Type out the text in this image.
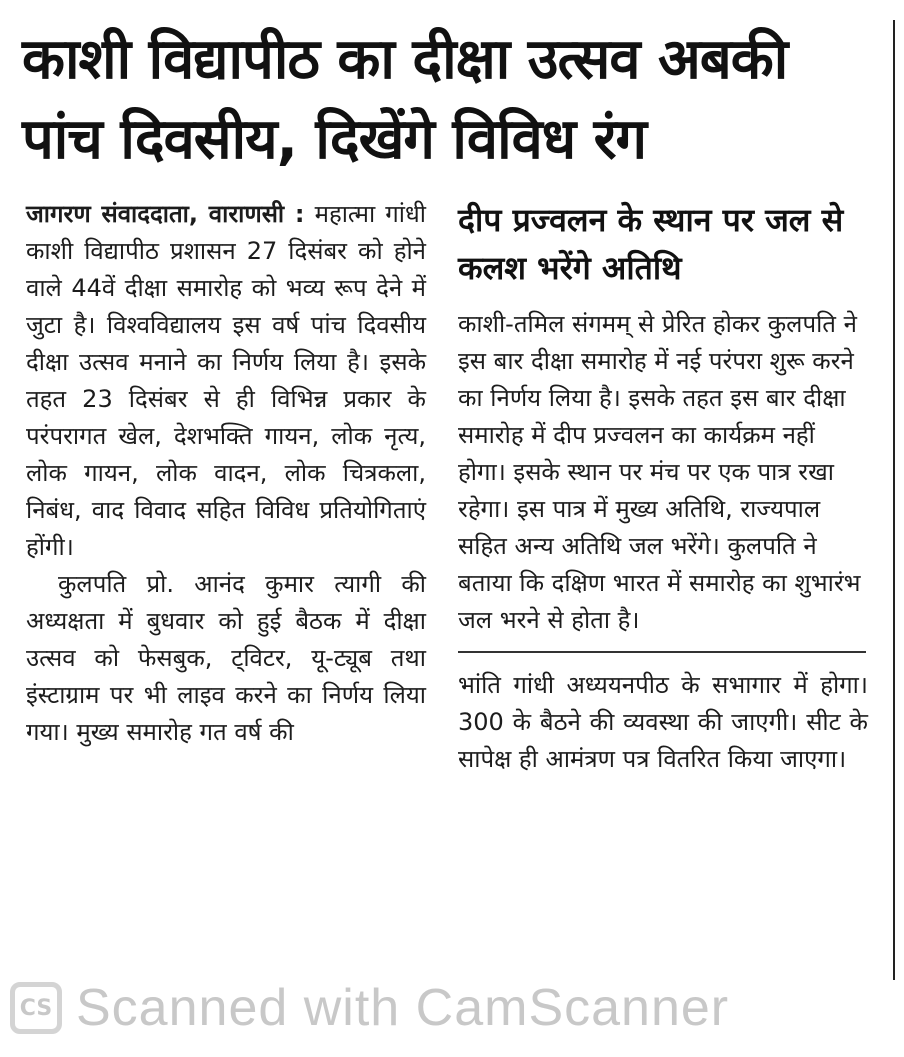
काशी विद्यापीठ का दीक्षा उत्सव अबकी
पांच दिवसीय, दिखेंगे विविध रंग

जागरण संवाददाता, वाराणसी : महात्मा गांधी काशी विद्यापीठ प्रशासन 27 दिसंबर को होने वाले 44वें दीक्षा समारोह को भव्य रूप देने में जुटा है। विश्वविद्यालय इस वर्ष पांच दिवसीय दीक्षा उत्सव मनाने का निर्णय लिया है। इसके तहत 23 दिसंबर से ही विभिन्न प्रकार के परंपरागत खेल, देशभक्ति गायन, लोक नृत्य, लोक गायन, लोक वादन, लोक चित्रकला, निबंध, वाद विवाद सहित विविध प्रतियोगिताएं होंगी।

कुलपति प्रो. आनंद कुमार त्यागी की अध्यक्षता में बुधवार को हुई बैठक में दीक्षा उत्सव को फेसबुक, ट्विटर, यू-ट्यूब तथा इंस्टाग्राम पर भी लाइव करने का निर्णय लिया गया। मुख्य समारोह गत वर्ष की

दीप प्रज्वलन के स्थान पर जल से कलश भरेंगे अतिथि

काशी-तमिल संगमम् से प्रेरित होकर कुलपति ने इस बार दीक्षा समारोह में नई परंपरा शुरू करने का निर्णय लिया है। इसके तहत इस बार दीक्षा समारोह में दीप प्रज्वलन का कार्यक्रम नहीं होगा। इसके स्थान पर मंच पर एक पात्र रखा रहेगा। इस पात्र में मुख्य अतिथि, राज्यपाल सहित अन्य अतिथि जल भरेंगे। कुलपति ने बताया कि दक्षिण भारत में समारोह का शुभारंभ जल भरने से होता है।

भांति गांधी अध्ययनपीठ के सभागार में होगा। 300 के बैठने की व्यवस्था की जाएगी। सीट के सापेक्ष ही आमंत्रण पत्र वितरित किया जाएगा।

CS Scanned with CamScanner
